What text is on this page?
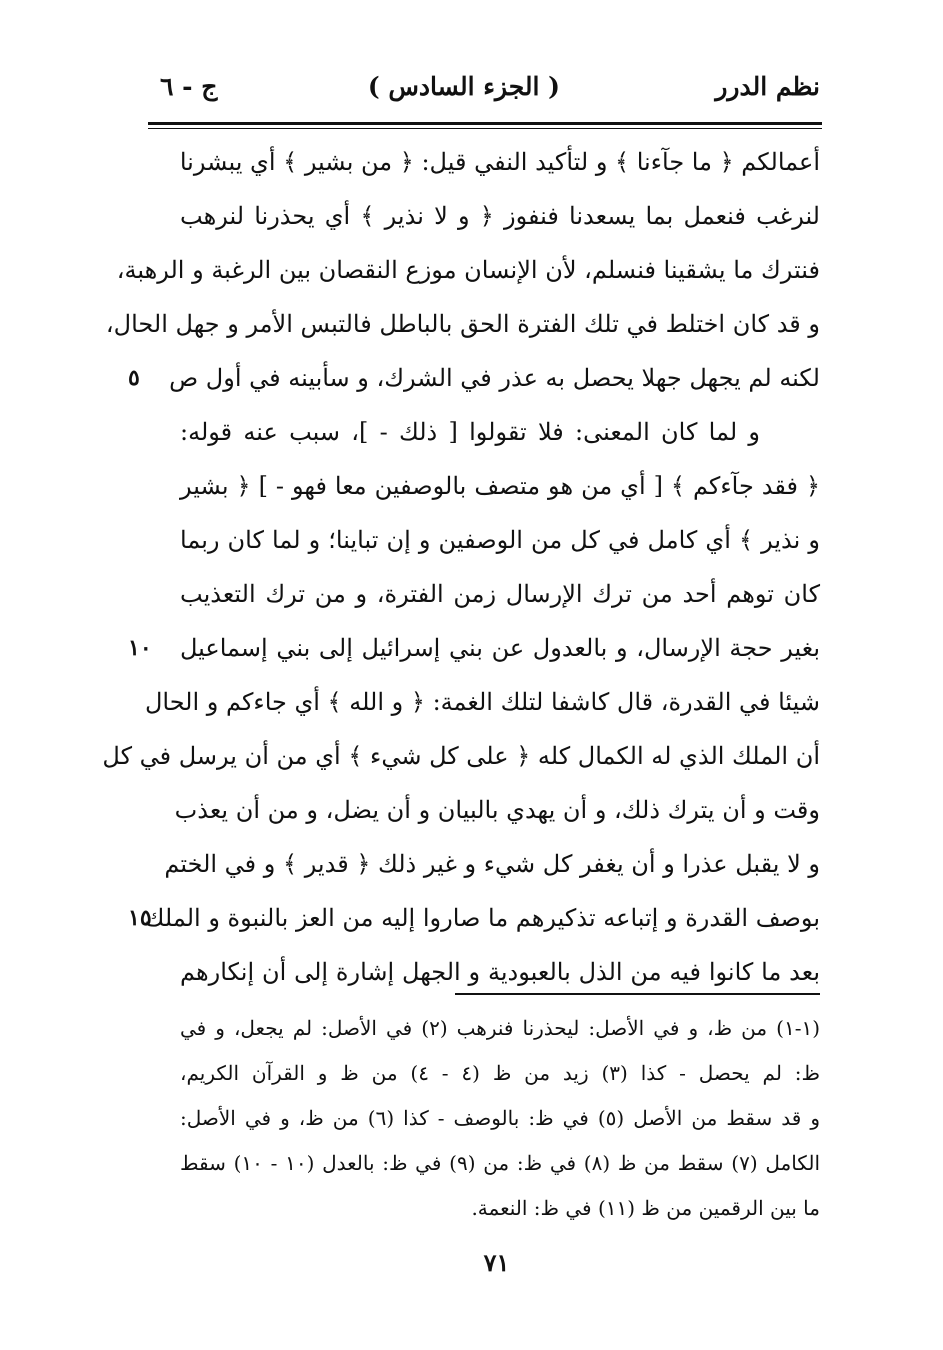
نظم الدرر
( الجزء السادس )
ج - ٦
أعمالكم ﴿ ما جآءنا ﴾ و لتأكيد النفي قيل: ﴿ من بشير ﴾ أي يبشرنا
لنرغب فنعمل بما يسعدنا فنفوز ﴿ و لا نذير ﴾ أي يحذرنا لنرهب
فنترك ما يشقينا فنسلم، لأن الإنسان موزع النقصان بين الرغبة و الرهبة،
و قد كان اختلط في تلك الفترة الحق بالباطل فالتبس الأمر و جهل الحال،
لكنه لم يجهل جهلا يحصل به عذر في الشرك، و سأبينه في أول ص
و لما كان المعنى: فلا تقولوا [ ذلك - ]، سبب عنه قوله:
﴿ فقد جآءكم ﴾ [ أي من هو متصف بالوصفين معا فهو - ] ﴿ بشير
و نذير ﴾ أي كامل في كل من الوصفين و إن تباينا؛ و لما كان ربما
كان توهم أحد من ترك الإرسال زمن الفترة، و من ترك التعذيب
بغير حجة الإرسال، و بالعدول عن بني إسرائيل إلى بني إسماعيل
شيئا في القدرة، قال كاشفا لتلك الغمة: ﴿ و الله ﴾ أي جاءكم و الحال
أن الملك الذي له الكمال كله ﴿ على كل شيء ﴾ أي من أن يرسل في كل
وقت و أن يترك ذلك، و أن يهدي بالبيان و أن يضل، و من أن يعذب
و لا يقبل عذرا و أن يغفر كل شيء و غير ذلك ﴿ قدير ﴾ و في الختم
بوصف القدرة و إتباعه تذكيرهم ما صاروا إليه من العز بالنبوة و الملك
بعد ما كانوا فيه من الذل بالعبودية و الجهل إشارة إلى أن إنكارهم
٥
١٠
١٥
(١-١) من ظ، و في الأصل: ليحذرنا فنرهب (٢) في الأصل: لم يجعل، و في
ظ: لم يحصل - كذا (٣) زيد من ظ (٤ - ٤) من ظ و القرآن الكريم،
و قد سقط من الأصل (٥) في ظ: بالوصف - كذا (٦) من ظ، و في الأصل:
الكامل (٧) سقط من ظ (٨) في ظ: من (٩) في ظ: بالعدل (١٠ - ١٠) سقط
ما بين الرقمين من ظ (١١) في ظ: النعمة.
٧١
